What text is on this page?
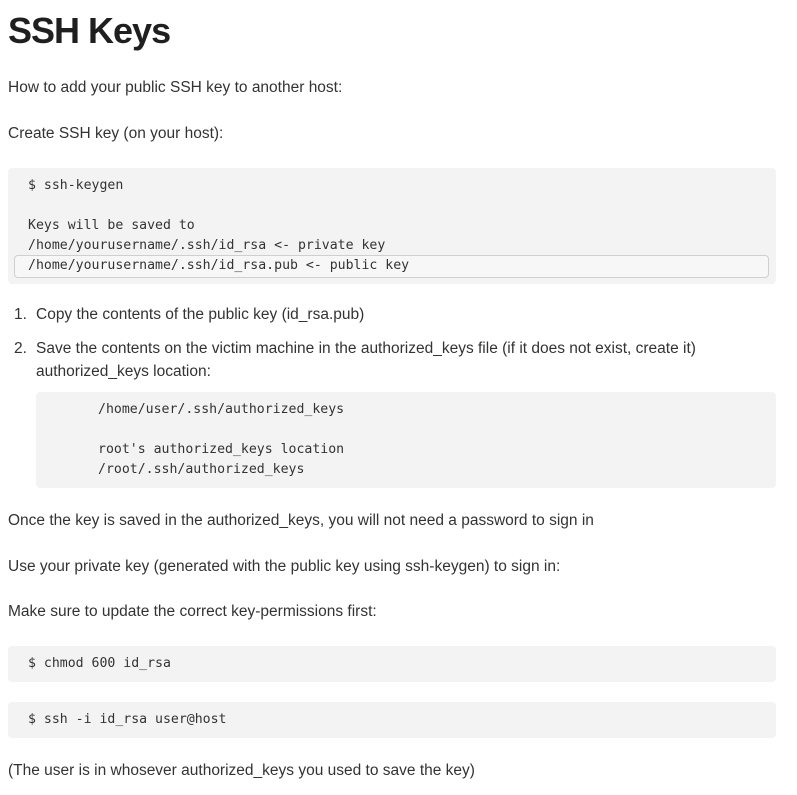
SSH Keys

How to add your public SSH key to another host:

Create SSH key (on your host):

$ ssh-keygen
Keys will be saved to
/home/yourusername/.ssh/id_rsa <- private key
/home/yourusername/.ssh/id_rsa.pub <- public key
1. Copy the contents of the public key (id_rsa.pub)
2. Save the contents on the victim machine in the authorized_keys file (if it does not exist, create it)
authorized_keys location:
/home/user/.ssh/authorized_keys
root's authorized_keys location
/root/.ssh/authorized_keys

Once the key is saved in the authorized_keys, you will not need a password to sign in

Use your private key (generated with the public key using ssh-keygen) to sign in:

Make sure to update the correct key-permissions first:

$ chmod 600 id_rsa
$ ssh -i id_rsa user@host

(The user is in whosever authorized_keys you used to save the key)
